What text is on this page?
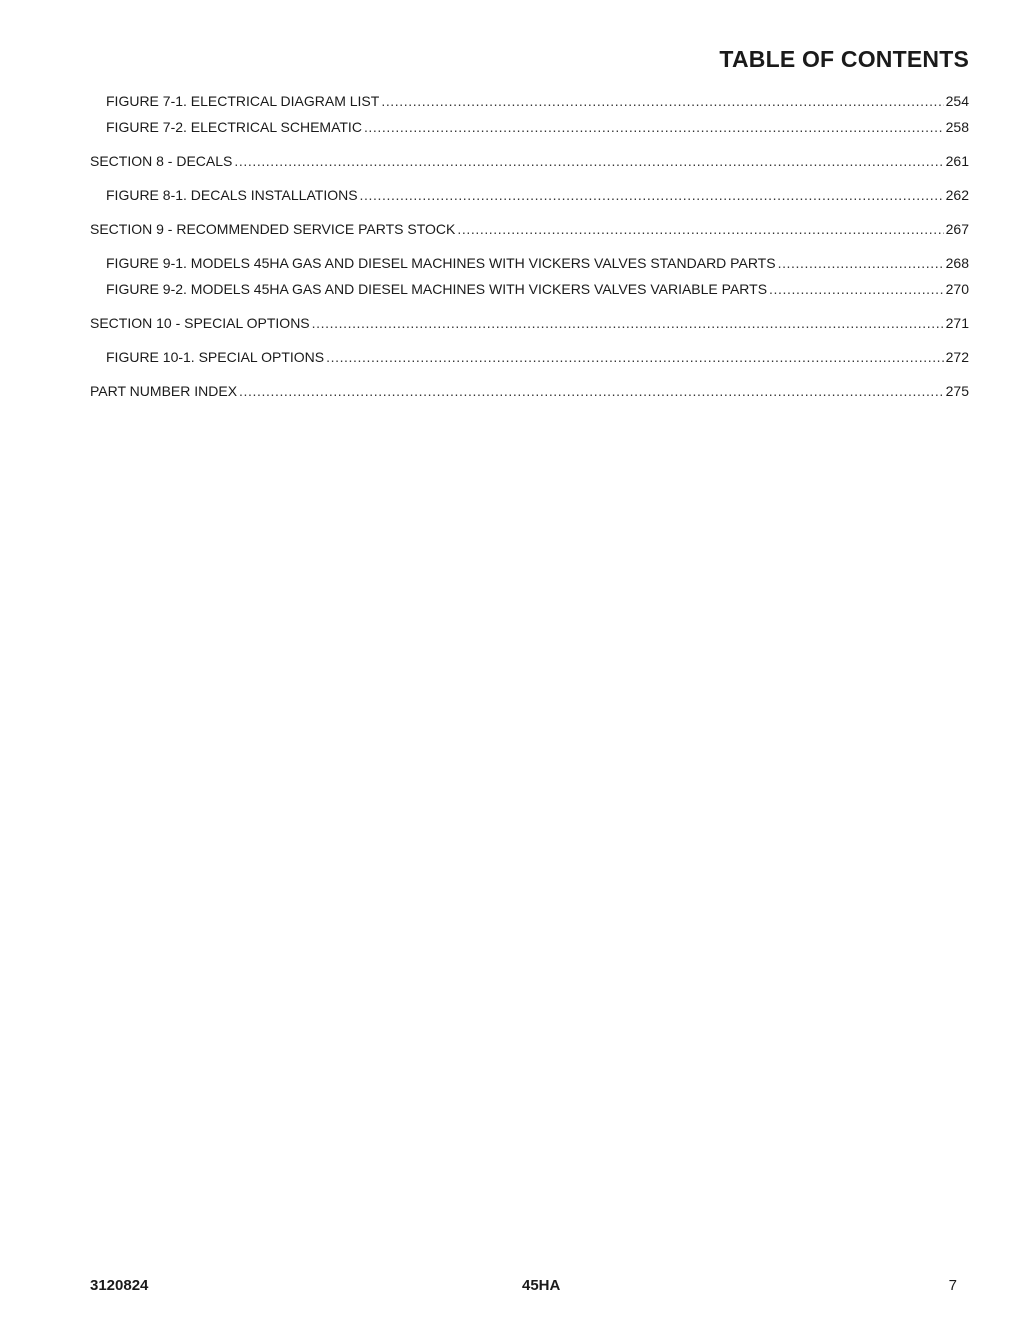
TABLE OF CONTENTS
FIGURE 7-1. ELECTRICAL DIAGRAM LIST .....	254
FIGURE 7-2. ELECTRICAL SCHEMATIC .....	258
SECTION 8 - DECALS .....	261
FIGURE 8-1. DECALS INSTALLATIONS .....	262
SECTION 9 - RECOMMENDED SERVICE PARTS STOCK .....	267
FIGURE 9-1. MODELS 45HA GAS AND DIESEL MACHINES WITH VICKERS VALVES STANDARD PARTS .....	268
FIGURE 9-2. MODELS 45HA GAS AND DIESEL MACHINES WITH VICKERS VALVES VARIABLE PARTS .....	270
SECTION 10 - SPECIAL OPTIONS .....	271
FIGURE 10-1. SPECIAL OPTIONS .....	272
PART NUMBER INDEX .....	275
3120824	45HA	7
